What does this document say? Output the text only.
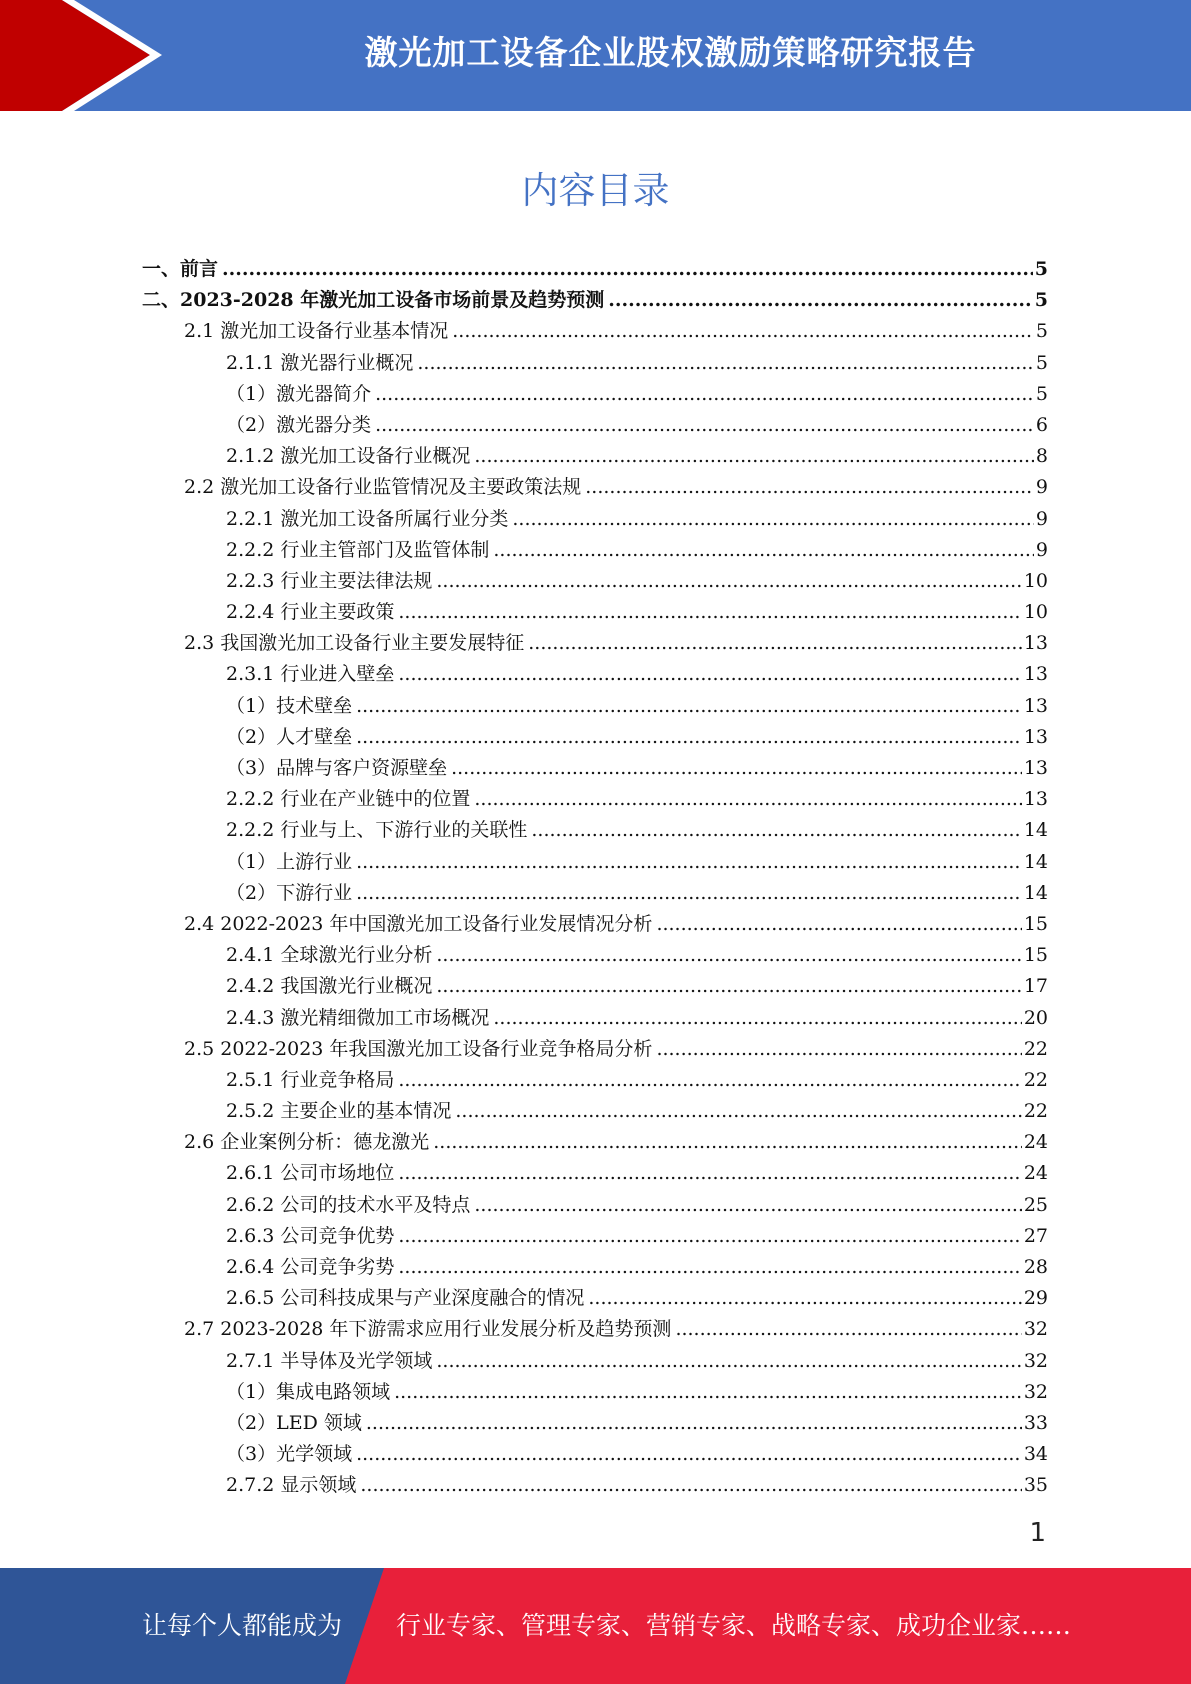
激光加工设备企业股权激励策略研究报告
内容目录
一、前言 .....	5
二、2023-2028 年激光加工设备市场前景及趋势预测 .....	5
2.1 激光加工设备行业基本情况 .....	5
2.1.1 激光器行业概况 .....	5
（1）激光器简介 .....	5
（2）激光器分类 .....	6
2.1.2 激光加工设备行业概况 .....	8
2.2 激光加工设备行业监管情况及主要政策法规 .....	9
2.2.1 激光加工设备所属行业分类 .....	9
2.2.2 行业主管部门及监管体制 .....	9
2.2.3 行业主要法律法规 .....	10
2.2.4 行业主要政策 .....	10
2.3 我国激光加工设备行业主要发展特征 .....	13
2.3.1 行业进入壁垒 .....	13
（1）技术壁垒 .....	13
（2）人才壁垒 .....	13
（3）品牌与客户资源壁垒 .....	13
2.2.2 行业在产业链中的位置 .....	13
2.2.2 行业与上、下游行业的关联性 .....	14
（1）上游行业 .....	14
（2）下游行业 .....	14
2.4 2022-2023 年中国激光加工设备行业发展情况分析 .....	15
2.4.1 全球激光行业分析 .....	15
2.4.2 我国激光行业概况 .....	17
2.4.3 激光精细微加工市场概况 .....	20
2.5 2022-2023 年我国激光加工设备行业竞争格局分析 .....	22
2.5.1 行业竞争格局 .....	22
2.5.2 主要企业的基本情况 .....	22
2.6 企业案例分析：德龙激光 .....	24
2.6.1 公司市场地位 .....	24
2.6.2 公司的技术水平及特点 .....	25
2.6.3 公司竞争优势 .....	27
2.6.4 公司竞争劣势 .....	28
2.6.5 公司科技成果与产业深度融合的情况 .....	29
2.7 2023-2028 年下游需求应用行业发展分析及趋势预测 .....	32
2.7.1 半导体及光学领域 .....	32
（1）集成电路领域 .....	32
（2）LED 领域 .....	33
（3）光学领域 .....	34
2.7.2 显示领域 .....	35
1
让每个人都能成为 行业专家、管理专家、营销专家、战略专家、成功企业家……
